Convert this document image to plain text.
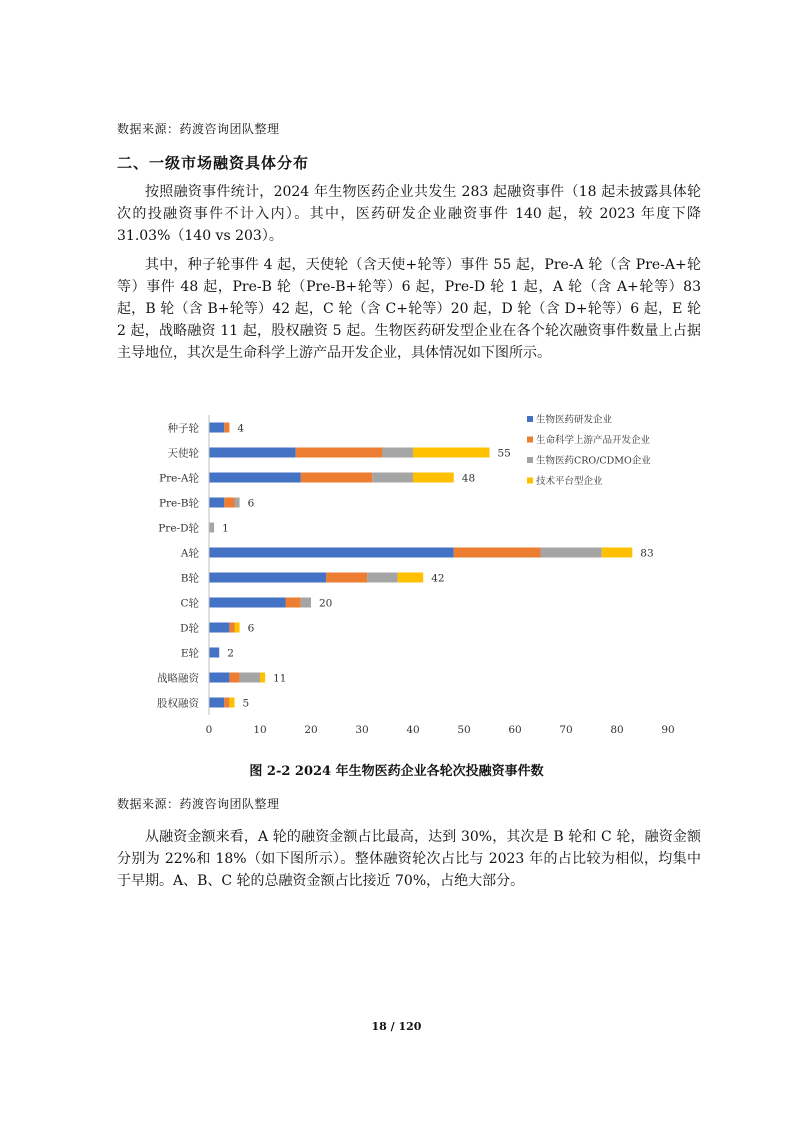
数据来源：药渡咨询团队整理
二、一级市场融资具体分布

按照融资事件统计，2024 年生物医药企业共发生 283 起融资事件（18 起未披露具体轮次的投融资事件不计入内）。其中，医药研发企业融资事件 140 起，较 2023 年度下降 31.03%（140 vs 203）。

其中，种子轮事件 4 起，天使轮（含天使+轮等）事件 55 起，Pre-A 轮（含 Pre-A+轮等）事件 48 起，Pre-B 轮（Pre-B+轮等）6 起，Pre-D 轮 1 起，A 轮（含 A+轮等）83 起，B 轮（含 B+轮等）42 起，C 轮（含 C+轮等）20 起，D 轮（含 D+轮等）6 起，E 轮 2 起，战略融资 11 起，股权融资 5 起。生物医药研发型企业在各个轮次融资事件数量上占据主导地位，其次是生命科学上游产品开发企业，具体情况如下图所示。

种子轮	4
天使轮	55
Pre-A轮	48
Pre-B轮	6
Pre-D轮 1
A轮	83
B轮	42
C轮	20
D轮	6
E轮	2
战略融资	11
股权融资	5
0	10	20	30	40	50	60	70	80	90
生物医药研发企业
生命科学上游产品开发企业
生物医药CRO/CDMO企业
技术平台型企业
图 2-2 2024 年生物医药企业各轮次投融资事件数
数据来源：药渡咨询团队整理

从融资金额来看，A 轮的融资金额占比最高，达到 30%，其次是 B 轮和 C 轮，融资金额分别为 22%和 18%（如下图所示）。整体融资轮次占比与 2023 年的占比较为相似，均集中于早期。A、B、C 轮的总融资金额占比接近 70%，占绝大部分。

18 / 120
